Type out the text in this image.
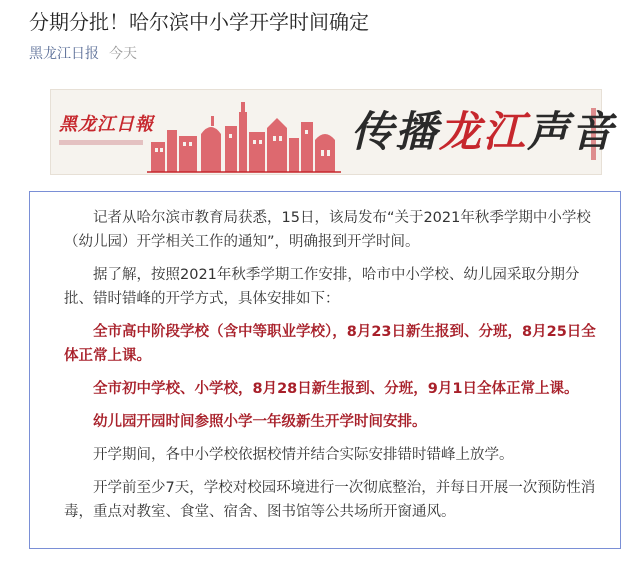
分期分批！哈尔滨中小学开学时间确定
黑龙江日报 今天
黑龙江日報	传播龙江声音

记者从哈尔滨市教育局获悉，15日，该局发布“关于2021年秋季学期中小学校（幼儿园）开学相关工作的通知”，明确报到开学时间。

据了解，按照2021年秋季学期工作安排，哈市中小学校、幼儿园采取分期分批、错时错峰的开学方式，具体安排如下：

全市高中阶段学校（含中等职业学校），8月23日新生报到、分班，8月25日全体正常上课。

全市初中学校、小学校，8月28日新生报到、分班，9月1日全体正常上课。

幼儿园开园时间参照小学一年级新生开学时间安排。

开学期间，各中小学校依据校情并结合实际安排错时错峰上放学。

开学前至少7天，学校对校园环境进行一次彻底整治，并每日开展一次预防性消毒，重点对教室、食堂、宿舍、图书馆等公共场所开窗通风。
